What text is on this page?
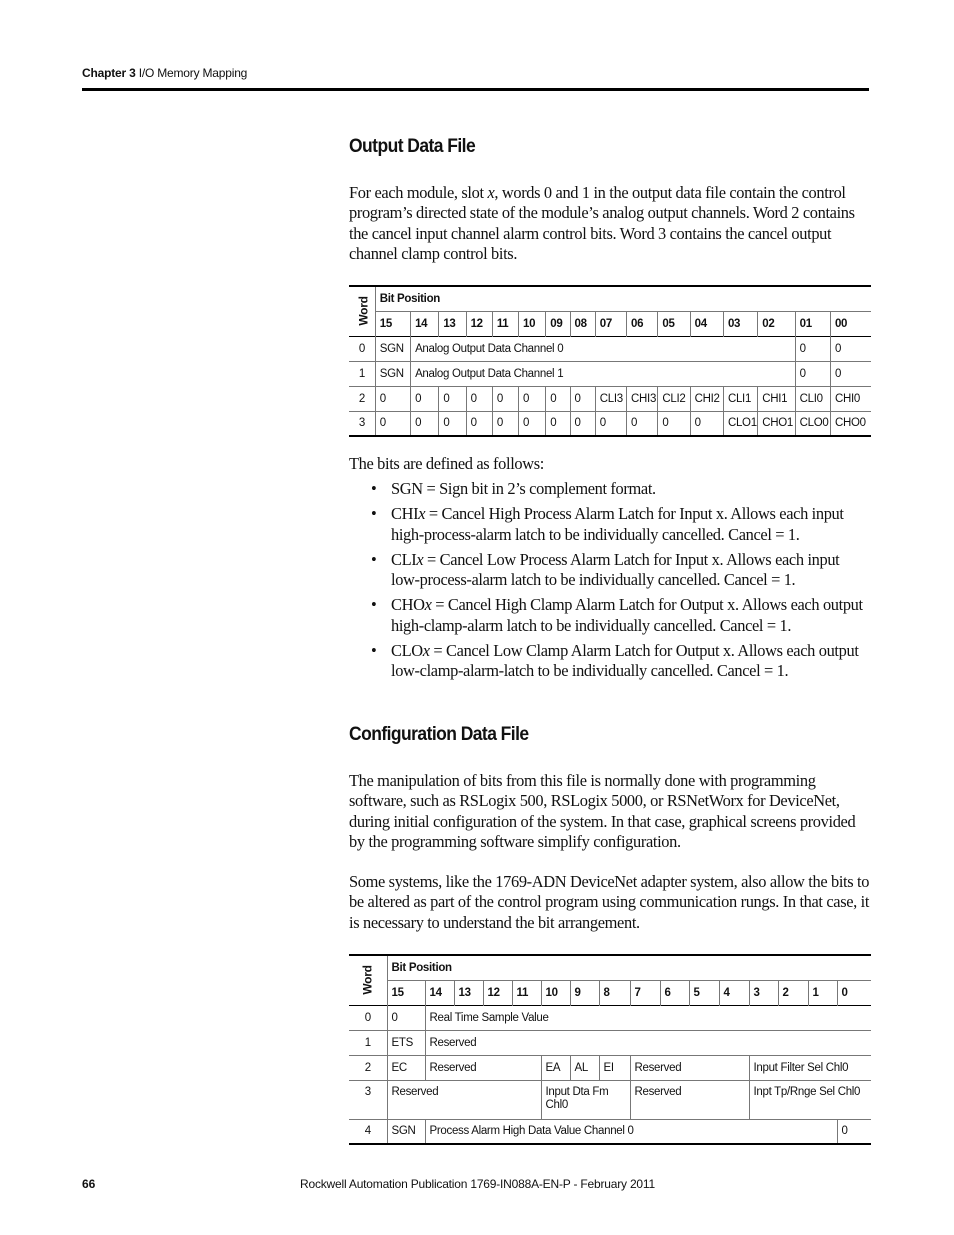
Chapter 3 I/O Memory Mapping
Output Data File

For each module, slot x, words 0 and 1 in the output data file contain the control program’s directed state of the module’s analog output channels. Word 2 contains the cancel input channel alarm control bits. Word 3 contains the cancel output channel clamp control bits.

Word	Bit Position															
	15	14	13	12	11	10	09	08	07	06	05	04	03	02	01	00
0	SGN	Analog Output Data Channel 0													0	0
1	SGN	Analog Output Data Channel 1													0	0
2	0	0	0	0	0	0	0	0	CLI3	CHI3	CLI2	CHI2	CLI1	CHI1	CLI0	CHI0
3	0	0	0	0	0	0	0	0	0	0	0	0	CLO1	CHO1	CLO0	CHO0

The bits are defined as follows:

• SGN = Sign bit in 2’s complement format.
• CHIx = Cancel High Process Alarm Latch for Input x. Allows each input high-process-alarm latch to be individually cancelled. Cancel = 1.
• CLIx = Cancel Low Process Alarm Latch for Input x. Allows each input low-process-alarm latch to be individually cancelled. Cancel = 1.
• CHOx = Cancel High Clamp Alarm Latch for Output x. Allows each output high-clamp-alarm latch to be individually cancelled. Cancel = 1.
• CLOx = Cancel Low Clamp Alarm Latch for Output x. Allows each output low-clamp-alarm-latch to be individually cancelled. Cancel = 1.
Configuration Data File

The manipulation of bits from this file is normally done with programming software, such as RSLogix 500, RSLogix 5000, or RSNetWorx for DeviceNet, during initial configuration of the system. In that case, graphical screens provided by the programming software simplify configuration.

Some systems, like the 1769-ADN DeviceNet adapter system, also allow the bits to be altered as part of the control program using communication rungs. In that case, it is necessary to understand the bit arrangement.

Word	Bit Position															
	15	14	13	12	11	10	9	8	7	6	5	4	3	2	1	0
0	0	Real Time Sample Value														
1	ETS	Reserved														
2	EC	Reserved				EA	AL	EI	Reserved				Input Filter Sel Chl0			
3	Reserved					Input Dta Fm Chl0			Reserved				Inpt Tp/Rnge Sel Chl0			
4	SGN	Process Alarm High Data Value Channel 0														0
66	Rockwell Automation Publication 1769-IN088A-EN-P - February 2011
